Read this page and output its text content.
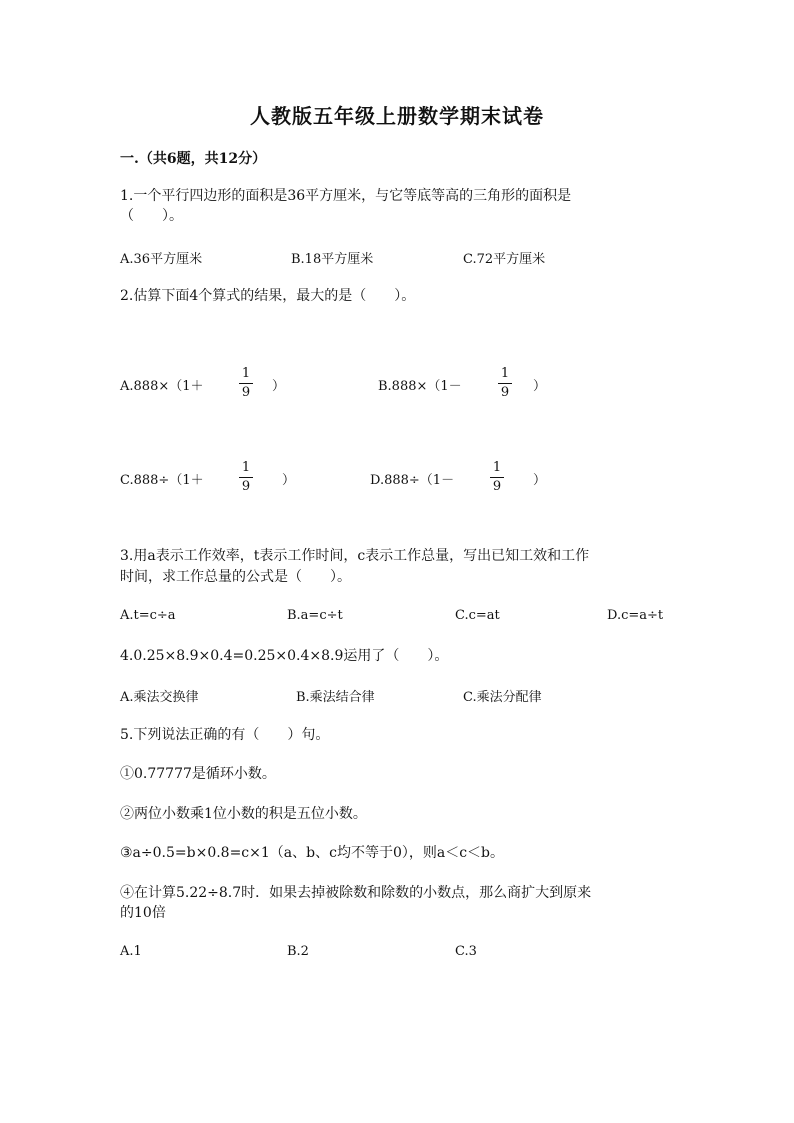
人教版五年级上册数学期末试卷
一.（共6题，共12分）
1.一个平行四边形的面积是36平方厘米，与它等底等高的三角形的面积是
（　　）。
A.36平方厘米	B.18平方厘米	C.72平方厘米
2.估算下面4个算式的结果，最大的是（　　）。
A.888×（1＋
1
9 ）	B.888×（1－
1
9 ）
C.888÷（1＋
1
9 ）	D.888÷（1－
1
9 ）
3.用a表示工作效率，t表示工作时间，c表示工作总量，写出已知工效和工作
时间，求工作总量的公式是（　　）。
A.t=c÷a	B.a=c÷t	C.c=at	D.c=a÷t
4.0.25×8.9×0.4=0.25×0.4×8.9运用了（　　）。
A.乘法交换律	B.乘法结合律	C.乘法分配律
5.下列说法正确的有（　　）句。
①0.77777是循环小数。
②两位小数乘1位小数的积是五位小数。
③a÷0.5=b×0.8=c×1（a、b、c均不等于0），则a＜c＜b。
④在计算5.22÷8.7时．如果去掉被除数和除数的小数点，那么商扩大到原来
的10倍
A.1	B.2	C.3
